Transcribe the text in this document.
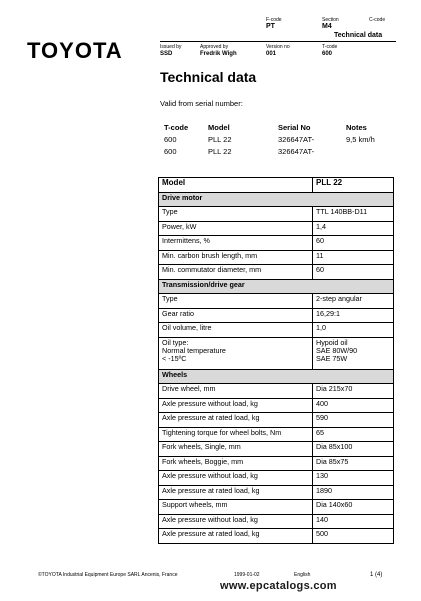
TOYOTA
F-code
PT
Section
M4
C-code
Technical data
Issued by
SSD
Approved by
Fredrik Wigh
Version no
001
T-code
600
Technical data
Valid from serial number:
T-code	Model	Serial No	Notes
600	PLL 22	326647AT-	9,5 km/h
600	PLL 22	326647AT-
Model	PLL 22
Drive motor	
Type	TTL 140BB-D11
Power, kW	1,4
Intermittens, %	60
Min. carbon brush length, mm	11
Min. commutator diameter, mm	60
Transmission/drive gear	
Type	2-step angular
Gear ratio	16,29:1
Oil volume, litre	1,0
Oil type:
Normal temperature
< -15ºC	Hypoid oil
SAE 80W/90
SAE 75W
Wheels	
Drive wheel, mm	Dia 215x70
Axle pressure without load, kg	400
Axle pressure at rated load, kg	590
Tightening torque for wheel bolts, Nm	65
Fork wheels, Single, mm	Dia 85x100
Fork wheels, Boggie, mm	Dia 85x75
Axle pressure without load, kg	130
Axle pressure at rated load, kg	1890
Support wheels, mm	Dia 140x60
Axle pressure without load, kg	140
Axle pressure at rated load, kg	500
©TOYOTA Industrial Equipment Europe SARL Ancenis, France	1999-01-02	English	1 (4)
www.epcatalogs.com
